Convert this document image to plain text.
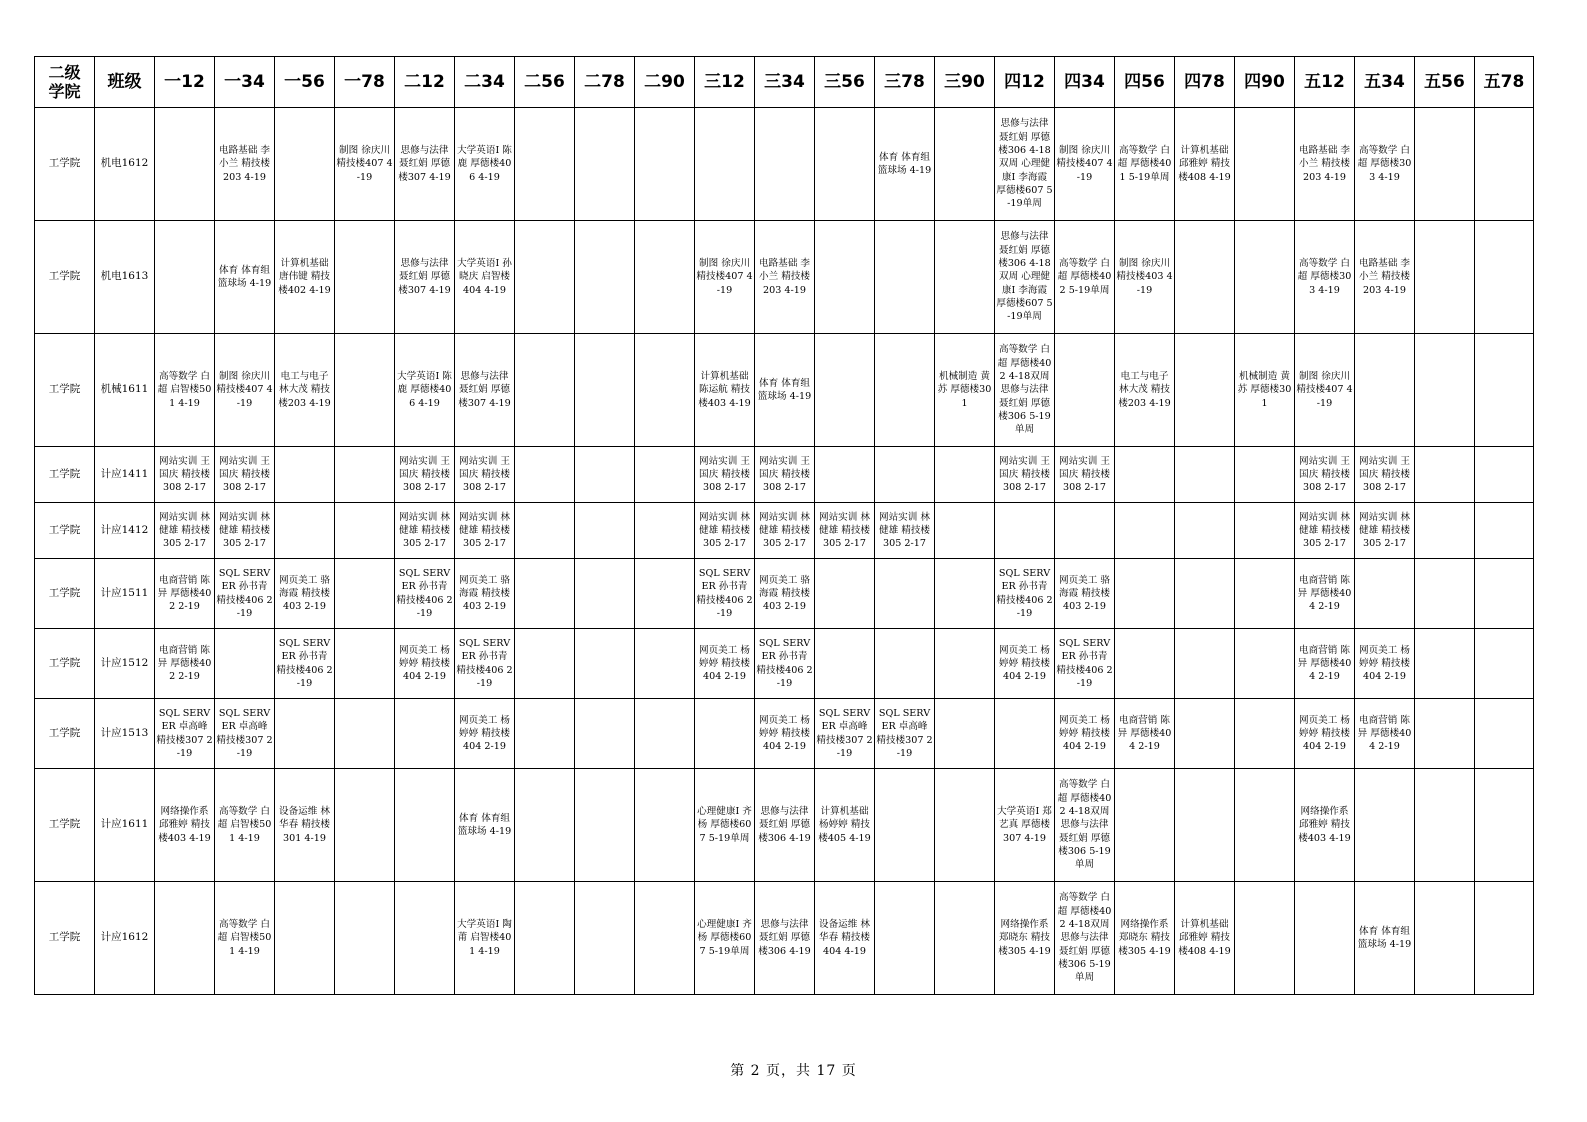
二级学院	班级	一12	一34	一56	一78	二12	二34	二56	二78	二90	三12	三34	三56	三78	三90	四12	四34	四56	四78	四90	五12	五34	五56	五78
工学院	机电1612		电路基础 李小兰 精技楼203 4-19		制图 徐庆川 精技楼407 4-19	思修与法律 聂红娟 厚德楼307 4-19	大学英语Ⅰ 陈鹿 厚德楼406 4-19							体育 体育组 篮球场 4-19		思修与法律 聂红娟 厚德楼306 4-18双周 心理健康Ⅰ 李海霞 厚德楼607 5-19单周	制图 徐庆川 精技楼407 4-19	高等数学 白超 厚德楼401 5-19单周	计算机基础 邱雅婷 精技楼408 4-19		电路基础 李小兰 精技楼203 4-19	高等数学 白超 厚德楼303 4-19		
工学院	机电1613		体育 体育组 篮球场 4-19	计算机基础 唐伟键 精技楼402 4-19		思修与法律 聂红娟 厚德楼307 4-19	大学英语Ⅰ 孙晓庆 启智楼404 4-19				制图 徐庆川 精技楼407 4-19	电路基础 李小兰 精技楼203 4-19				思修与法律 聂红娟 厚德楼306 4-18双周 心理健康Ⅰ 李海霞 厚德楼607 5-19单周	高等数学 白超 厚德楼402 5-19单周	制图 徐庆川 精技楼403 4-19			高等数学 白超 厚德楼303 4-19	电路基础 李小兰 精技楼203 4-19		
工学院	机械1611	高等数学 白超 启智楼501 4-19	制图 徐庆川 精技楼407 4-19	电工与电子 林大茂 精技楼203 4-19		大学英语Ⅰ 陈鹿 厚德楼406 4-19	思修与法律 聂红娟 厚德楼307 4-19				计算机基础 陈运航 精技楼403 4-19	体育 体育组 篮球场 4-19			机械制造 黄苏 厚德楼301	高等数学 白超 厚德楼402 4-18双周 思修与法律 聂红娟 厚德楼306 5-19单周		电工与电子 林大茂 精技楼203 4-19		机械制造 黄苏 厚德楼301	制图 徐庆川 精技楼407 4-19			
工学院	计应1411	网站实训 王国庆 精技楼308 2-17	网站实训 王国庆 精技楼308 2-17			网站实训 王国庆 精技楼308 2-17	网站实训 王国庆 精技楼308 2-17				网站实训 王国庆 精技楼308 2-17	网站实训 王国庆 精技楼308 2-17				网站实训 王国庆 精技楼308 2-17	网站实训 王国庆 精技楼308 2-17				网站实训 王国庆 精技楼308 2-17	网站实训 王国庆 精技楼308 2-17		
工学院	计应1412	网站实训 林健雄 精技楼305 2-17	网站实训 林健雄 精技楼305 2-17			网站实训 林健雄 精技楼305 2-17	网站实训 林健雄 精技楼305 2-17				网站实训 林健雄 精技楼305 2-17	网站实训 林健雄 精技楼305 2-17	网站实训 林健雄 精技楼305 2-17	网站实训 林健雄 精技楼305 2-17							网站实训 林健雄 精技楼305 2-17	网站实训 林健雄 精技楼305 2-17		
工学院	计应1511	电商营销 陈异 厚德楼402 2-19	SQL SERVER 孙书青 精技楼406 2-19	网页美工 骆海霞 精技楼403 2-19		SQL SERVER 孙书青 精技楼406 2-19	网页美工 骆海霞 精技楼403 2-19				SQL SERVER 孙书青 精技楼406 2-19	网页美工 骆海霞 精技楼403 2-19				SQL SERVER 孙书青 精技楼406 2-19	网页美工 骆海霞 精技楼403 2-19				电商营销 陈异 厚德楼404 2-19			
工学院	计应1512	电商营销 陈异 厚德楼402 2-19		SQL SERVER 孙书青 精技楼406 2-19		网页美工 杨婷婷 精技楼404 2-19	SQL SERVER 孙书青 精技楼406 2-19				网页美工 杨婷婷 精技楼404 2-19	SQL SERVER 孙书青 精技楼406 2-19				网页美工 杨婷婷 精技楼404 2-19	SQL SERVER 孙书青 精技楼406 2-19				电商营销 陈异 厚德楼404 2-19	网页美工 杨婷婷 精技楼404 2-19		
工学院	计应1513	SQL SERVER 卓高峰 精技楼307 2-19	SQL SERVER 卓高峰 精技楼307 2-19				网页美工 杨婷婷 精技楼404 2-19					网页美工 杨婷婷 精技楼404 2-19	SQL SERVER 卓高峰 精技楼307 2-19	SQL SERVER 卓高峰 精技楼307 2-19			网页美工 杨婷婷 精技楼404 2-19	电商营销 陈异 厚德楼404 2-19			网页美工 杨婷婷 精技楼404 2-19	电商营销 陈异 厚德楼404 2-19		
工学院	计应1611	网络操作系 邱雅婷 精技楼403 4-19	高等数学 白超 启智楼501 4-19	设备运维 林华春 精技楼301 4-19			体育 体育组 篮球场 4-19				心理健康Ⅰ 齐杨 厚德楼607 5-19单周	思修与法律 聂红娟 厚德楼306 4-19	计算机基础 杨婷婷 精技楼405 4-19			大学英语Ⅰ 郑艺真 厚德楼307 4-19	高等数学 白超 厚德楼402 4-18双周 思修与法律 聂红娟 厚德楼306 5-19单周				网络操作系 邱雅婷 精技楼403 4-19			
工学院	计应1612		高等数学 白超 启智楼501 4-19				大学英语Ⅰ 陶莆 启智楼401 4-19				心理健康Ⅰ 齐杨 厚德楼607 5-19单周	思修与法律 聂红娟 厚德楼306 4-19	设备运维 林华春 精技楼404 4-19			网络操作系 郑晓东 精技楼305 4-19	高等数学 白超 厚德楼402 4-18双周 思修与法律 聂红娟 厚德楼306 5-19单周	网络操作系 郑晓东 精技楼305 4-19	计算机基础 邱雅婷 精技楼408 4-19			体育 体育组 篮球场 4-19		
第 2 页，共 17 页
